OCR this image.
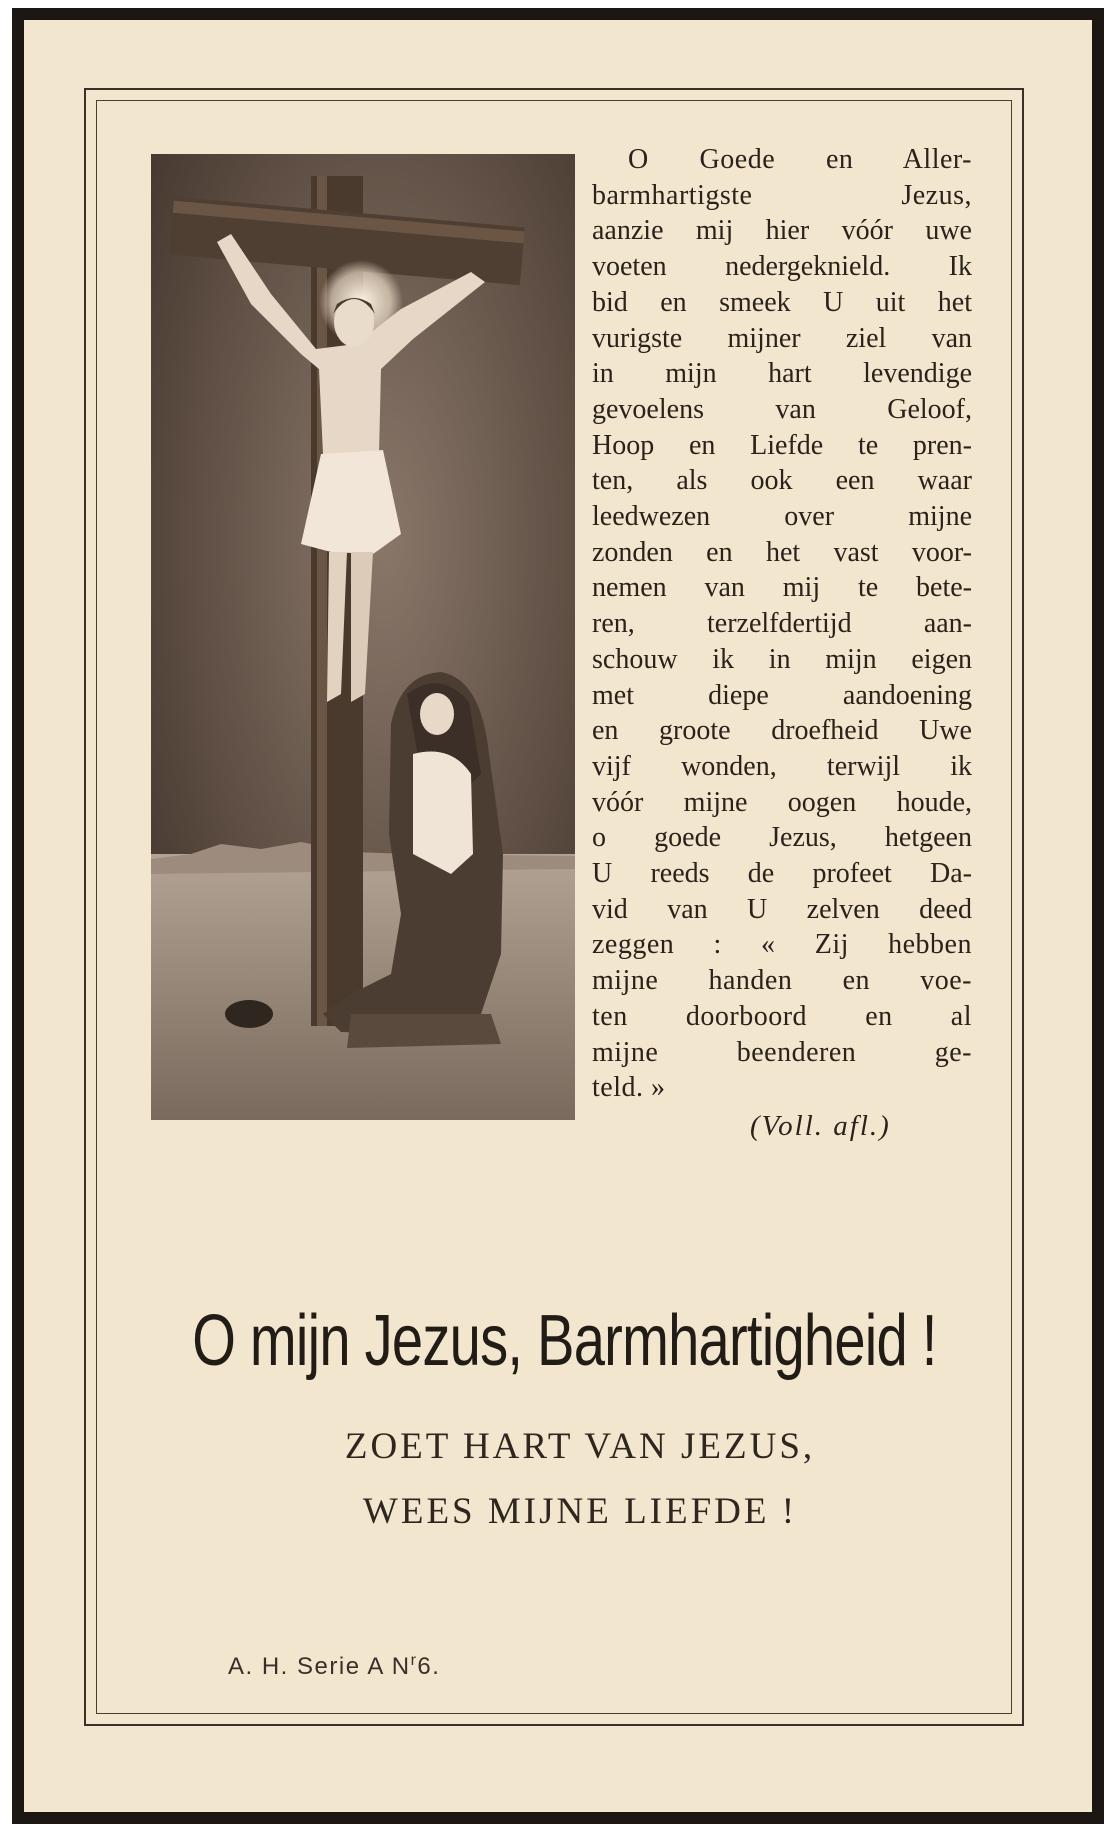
O Goede en Aller-
barmhartigste Jezus,
aanzie mij hier vóór uwe
voeten nedergeknield. Ik
bid en smeek U uit het
vurigste mijner ziel van
in mijn hart levendige
gevoelens van Geloof,
Hoop en Liefde te pren-
ten, als ook een waar
leedwezen over mijne
zonden en het vast voor-
nemen van mij te bete-
ren, terzelfdertijd aan-
schouw ik in mijn eigen
met diepe aandoening
en groote droefheid Uwe
vijf wonden, terwijl ik
vóór mijne oogen houde,
o goede Jezus, hetgeen
U reeds de profeet Da-
vid van U zelven deed
zeggen : « Zij hebben
mijne handen en voe-
ten doorboord en al
mijne beenderen ge-
teld. »
(Voll. afl.)
O mijn Jezus, Barmhartigheid !
ZOET HART VAN JEZUS,
WEES MIJNE LIEFDE !
A. H. Serie A $N^r6$.
